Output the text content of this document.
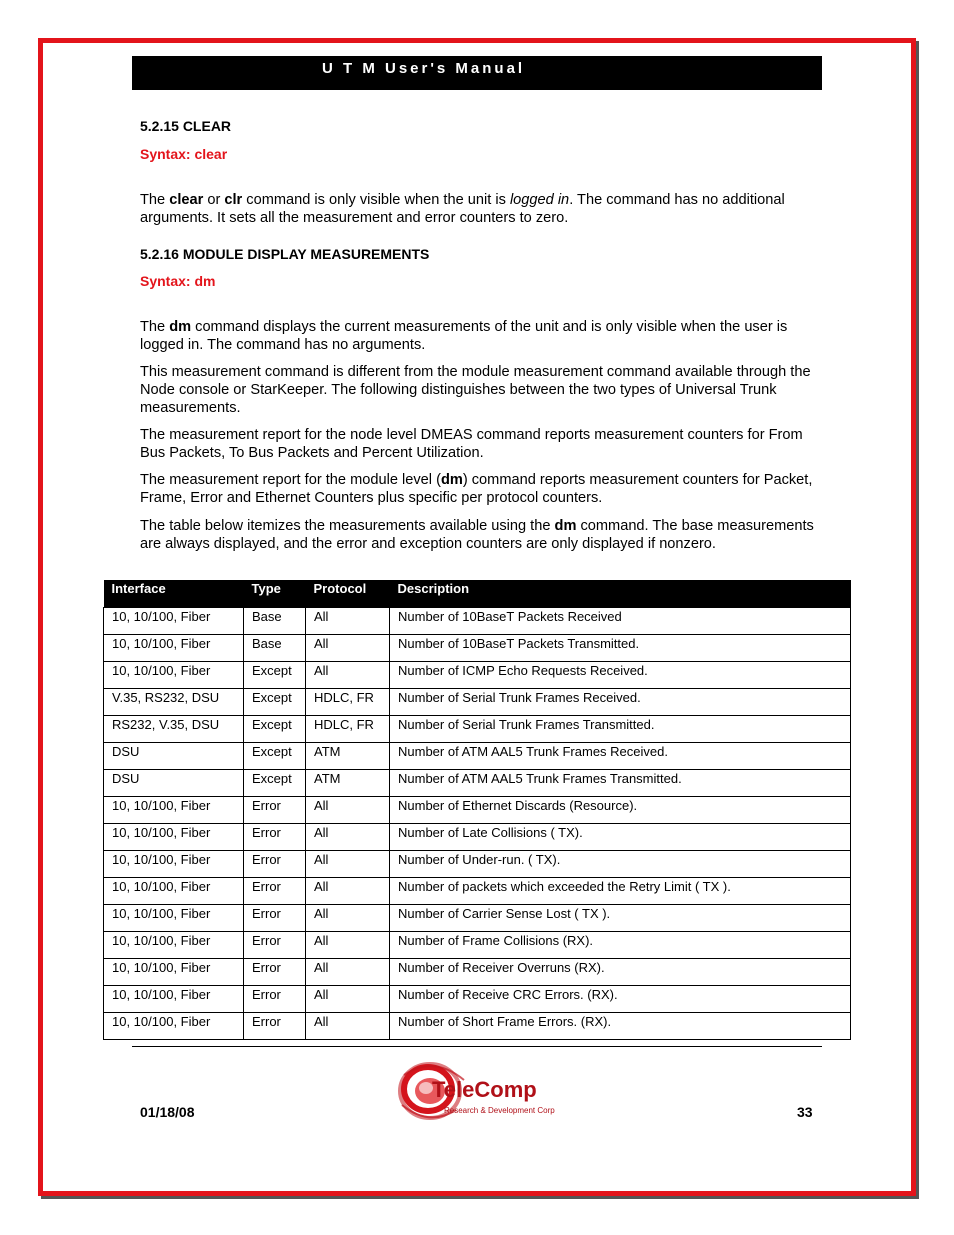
U T M User's Manual
5.2.15 CLEAR
Syntax: clear

The clear or clr command is only visible when the unit is logged in. The command has no additional arguments. It sets all the measurement and error counters to zero.

5.2.16 MODULE DISPLAY MEASUREMENTS
Syntax: dm

The dm command displays the current measurements of the unit and is only visible when the user is logged in. The command has no arguments.

This measurement command is different from the module measurement command available through the Node console or StarKeeper. The following distinguishes between the two types of Universal Trunk measurements.

The measurement report for the node level DMEAS command reports measurement counters for From Bus Packets, To Bus Packets and Percent Utilization.

The measurement report for the module level (dm) command reports measurement counters for Packet, Frame, Error and Ethernet Counters plus specific per protocol counters.

The table below itemizes the measurements available using the dm command. The base measurements are always displayed, and the error and exception counters are only displayed if nonzero.

Interface	Type	Protocol	Description
10, 10/100, Fiber	Base	All	Number of 10BaseT Packets Received
10, 10/100, Fiber	Base	All	Number of 10BaseT Packets Transmitted.
10, 10/100, Fiber	Except	All	Number of ICMP Echo Requests Received.
V.35, RS232, DSU	Except	HDLC, FR	Number of Serial Trunk Frames Received.
RS232, V.35, DSU	Except	HDLC, FR	Number of Serial Trunk Frames Transmitted.
DSU	Except	ATM	Number of ATM AAL5 Trunk Frames Received.
DSU	Except	ATM	Number of ATM AAL5 Trunk Frames Transmitted.
10, 10/100, Fiber	Error	All	Number of Ethernet Discards (Resource).
10, 10/100, Fiber	Error	All	Number of Late Collisions ( TX).
10, 10/100, Fiber	Error	All	Number of Under-run. ( TX).
10, 10/100, Fiber	Error	All	Number of packets which exceeded the Retry Limit ( TX ).
10, 10/100, Fiber	Error	All	Number of Carrier Sense Lost ( TX ).
10, 10/100, Fiber	Error	All	Number of Frame Collisions (RX).
10, 10/100, Fiber	Error	All	Number of Receiver Overruns (RX).
10, 10/100, Fiber	Error	All	Number of Receive CRC Errors. (RX).
10, 10/100, Fiber	Error	All	Number of Short Frame Errors. (RX).
01/18/08
TeleComp
Research & Development Corp	33
